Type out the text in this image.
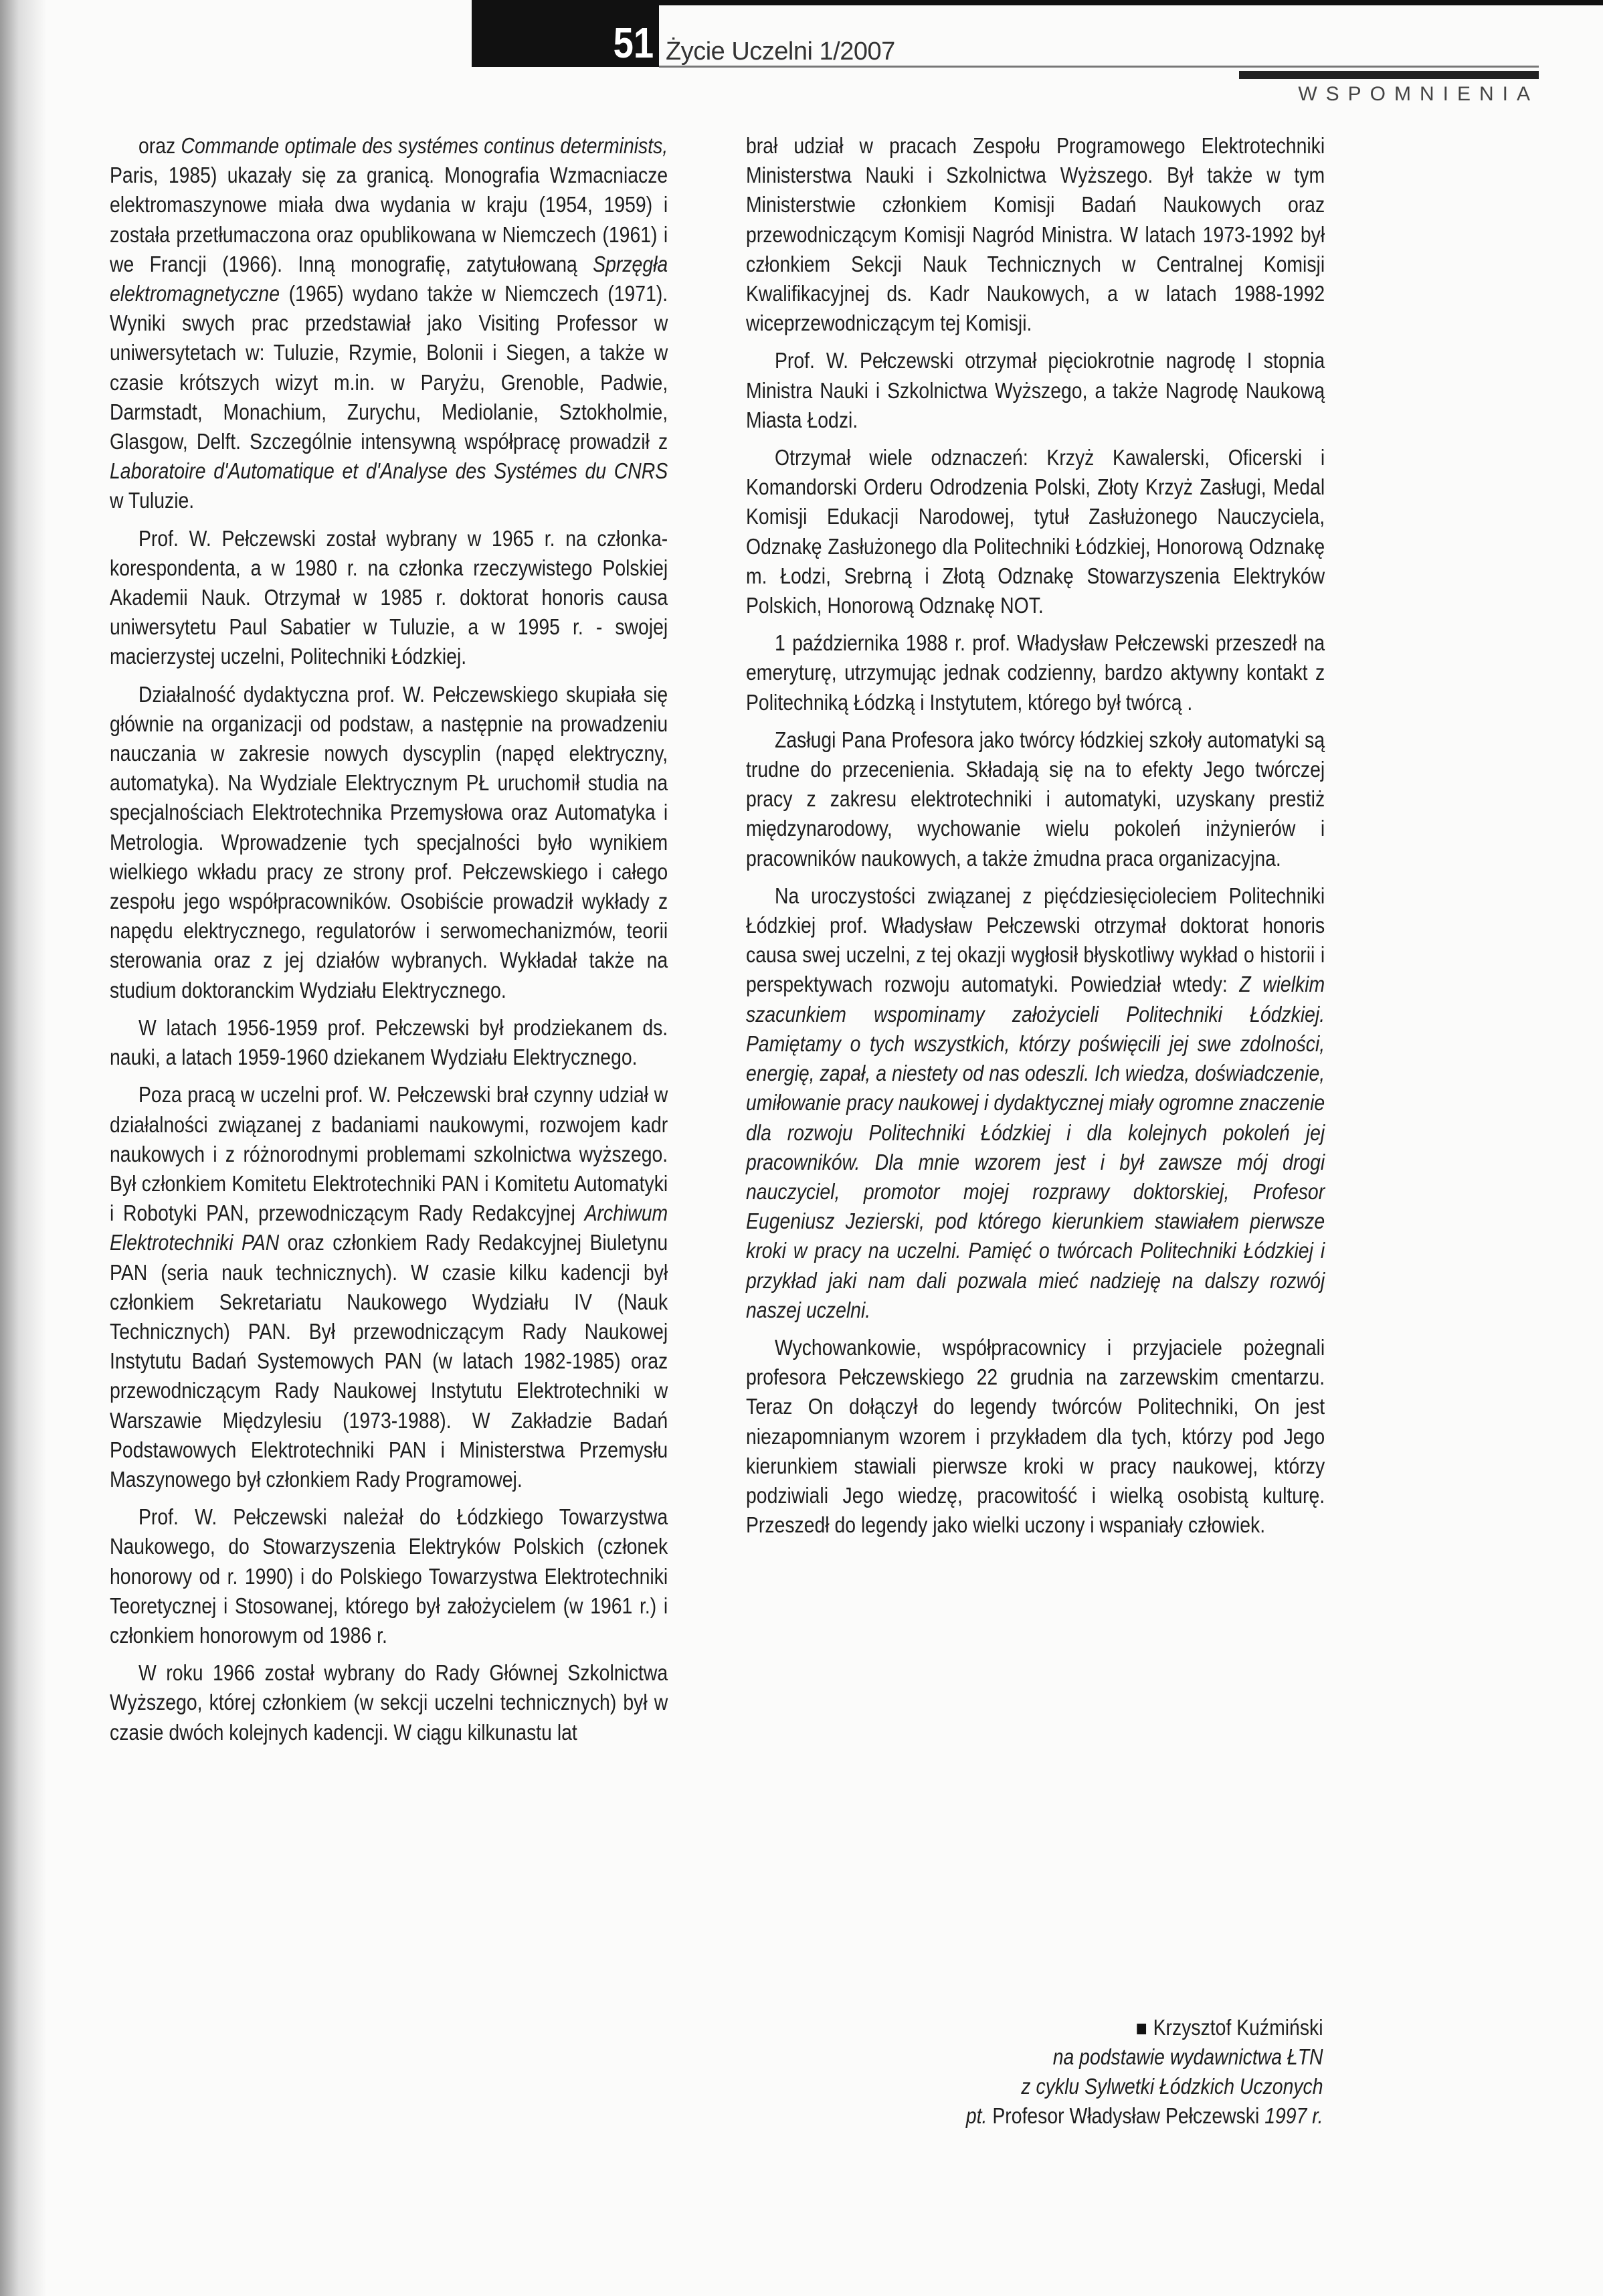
51 Życie Uczelni 1/2007
WSPOMNIENIA

oraz Commande optimale des systémes continus determinists, Paris, 1985) ukazały się za granicą. Monografia Wzmacniacze elektromaszynowe miała dwa wydania w kraju (1954, 1959) i została przetłumaczona oraz opublikowana w Niemczech (1961) i we Francji (1966). Inną monografię, zatytułowaną Sprzęgła elektromagnetyczne (1965) wydano także w Niemczech (1971). Wyniki swych prac przedstawiał jako Visiting Professor w uniwersytetach w: Tuluzie, Rzymie, Bolonii i Siegen, a także w czasie krótszych wizyt m.in. w Paryżu, Grenoble, Padwie, Darmstadt, Monachium, Zurychu, Mediolanie, Sztokholmie, Glasgow, Delft. Szczególnie intensywną współpracę prowadził z Laboratoire d'Automatique et d'Analyse des Systémes du CNRS w Tuluzie.

Prof. W. Pełczewski został wybrany w 1965 r. na członka-korespondenta, a w 1980 r. na członka rzeczywistego Polskiej Akademii Nauk. Otrzymał w 1985 r. doktorat honoris causa uniwersytetu Paul Sabatier w Tuluzie, a w 1995 r. - swojej macierzystej uczelni, Politechniki Łódzkiej.

Działalność dydaktyczna prof. W. Pełczewskiego skupiała się głównie na organizacji od podstaw, a następnie na prowadzeniu nauczania w zakresie nowych dyscyplin (napęd elektryczny, automatyka). Na Wydziale Elektrycznym PŁ uruchomił studia na specjalnościach Elektrotechnika Przemysłowa oraz Automatyka i Metrologia. Wprowadzenie tych specjalności było wynikiem wielkiego wkładu pracy ze strony prof. Pełczewskiego i całego zespołu jego współpracowników. Osobiście prowadził wykłady z napędu elektrycznego, regulatorów i serwomechanizmów, teorii sterowania oraz z jej działów wybranych. Wykładał także na studium doktoranckim Wydziału Elektrycznego.

W latach 1956-1959 prof. Pełczewski był prodziekanem ds. nauki, a latach 1959-1960 dziekanem Wydziału Elektrycznego.

Poza pracą w uczelni prof. W. Pełczewski brał czynny udział w działalności związanej z badaniami naukowymi, rozwojem kadr naukowych i z różnorodnymi problemami szkolnictwa wyższego. Był członkiem Komitetu Elektrotechniki PAN i Komitetu Automatyki i Robotyki PAN, przewodniczącym Rady Redakcyjnej Archiwum Elektrotechniki PAN oraz członkiem Rady Redakcyjnej Biuletynu PAN (seria nauk technicznych). W czasie kilku kadencji był członkiem Sekretariatu Naukowego Wydziału IV (Nauk Technicznych) PAN. Był przewodniczącym Rady Naukowej Instytutu Badań Systemowych PAN (w latach 1982-1985) oraz przewodniczącym Rady Naukowej Instytutu Elektrotechniki w Warszawie Międzylesiu (1973-1988). W Zakładzie Badań Podstawowych Elektrotechniki PAN i Ministerstwa Przemysłu Maszynowego był członkiem Rady Programowej.

Prof. W. Pełczewski należał do Łódzkiego Towarzystwa Naukowego, do Stowarzyszenia Elektryków Polskich (członek honorowy od r. 1990) i do Polskiego Towarzystwa Elektrotechniki Teoretycznej i Stosowanej, którego był założycielem (w 1961 r.) i członkiem honorowym od 1986 r.

W roku 1966 został wybrany do Rady Głównej Szkolnictwa Wyższego, której członkiem (w sekcji uczelni technicznych) był w czasie dwóch kolejnych kadencji. W ciągu kilkunastu lat

brał udział w pracach Zespołu Programowego Elektrotechniki Ministerstwa Nauki i Szkolnictwa Wyższego. Był także w tym Ministerstwie członkiem Komisji Badań Naukowych oraz przewodniczącym Komisji Nagród Ministra. W latach 1973-1992 był członkiem Sekcji Nauk Technicznych w Centralnej Komisji Kwalifikacyjnej ds. Kadr Naukowych, a w latach 1988-1992 wiceprzewodniczącym tej Komisji.

Prof. W. Pełczewski otrzymał pięciokrotnie nagrodę I stopnia Ministra Nauki i Szkolnictwa Wyższego, a także Nagrodę Naukową Miasta Łodzi.

Otrzymał wiele odznaczeń: Krzyż Kawalerski, Oficerski i Komandorski Orderu Odrodzenia Polski, Złoty Krzyż Zasługi, Medal Komisji Edukacji Narodowej, tytuł Zasłużonego Nauczyciela, Odznakę Zasłużonego dla Politechniki Łódzkiej, Honorową Odznakę m. Łodzi, Srebrną i Złotą Odznakę Stowarzyszenia Elektryków Polskich, Honorową Odznakę NOT.

1 października 1988 r. prof. Władysław Pełczewski przeszedł na emeryturę, utrzymując jednak codzienny, bardzo aktywny kontakt z Politechniką Łódzką i Instytutem, którego był twórcą .

Zasługi Pana Profesora jako twórcy łódzkiej szkoły automatyki są trudne do przecenienia. Składają się na to efekty Jego twórczej pracy z zakresu elektrotechniki i automatyki, uzyskany prestiż międzynarodowy, wychowanie wielu pokoleń inżynierów i pracowników naukowych, a także żmudna praca organizacyjna.

Na uroczystości związanej z pięćdziesięcioleciem Politechniki Łódzkiej prof. Władysław Pełczewski otrzymał doktorat honoris causa swej uczelni, z tej okazji wygłosił błyskotliwy wykład o historii i perspektywach rozwoju automatyki. Powiedział wtedy: Z wielkim szacunkiem wspominamy założycieli Politechniki Łódzkiej. Pamiętamy o tych wszystkich, którzy poświęcili jej swe zdolności, energię, zapał, a niestety od nas odeszli. Ich wiedza, doświadczenie, umiłowanie pracy naukowej i dydaktycznej miały ogromne znaczenie dla rozwoju Politechniki Łódzkiej i dla kolejnych pokoleń jej pracowników. Dla mnie wzorem jest i był zawsze mój drogi nauczyciel, promotor mojej rozprawy doktorskiej, Profesor Eugeniusz Jezierski, pod którego kierunkiem stawiałem pierwsze kroki w pracy na uczelni. Pamięć o twórcach Politechniki Łódzkiej i przykład jaki nam dali pozwala mieć nadzieję na dalszy rozwój naszej uczelni.

Wychowankowie, współpracownicy i przyjaciele pożegnali profesora Pełczewskiego 22 grudnia na zarzewskim cmentarzu. Teraz On dołączył do legendy twórców Politechniki, On jest niezapomnianym wzorem i przykładem dla tych, którzy pod Jego kierunkiem stawiali pierwsze kroki w pracy naukowej, którzy podziwiali Jego wiedzę, pracowitość i wielką osobistą kulturę. Przeszedł do legendy jako wielki uczony i wspaniały człowiek.

Krzysztof Kuźmiński
na podstawie wydawnictwa ŁTN
z cyklu Sylwetki Łódzkich Uczonych
pt. Profesor Władysław Pełczewski 1997 r.
